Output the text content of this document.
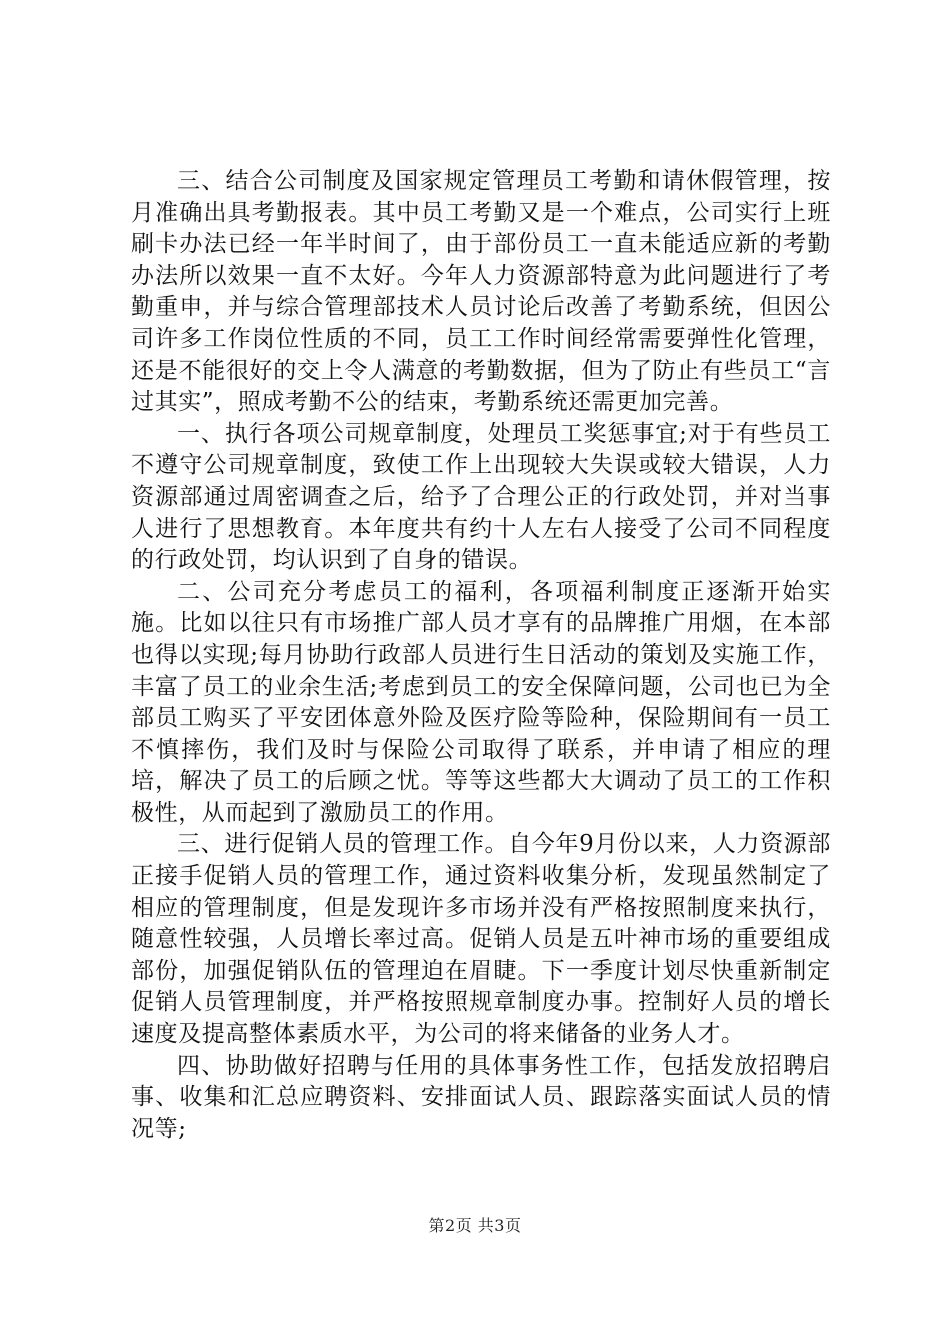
三、结合公司制度及国家规定管理员工考勤和请休假管理，按月准确出具考勤报表。其中员工考勤又是一个难点，公司实行上班刷卡办法已经一年半时间了，由于部份员工一直未能适应新的考勤办法所以效果一直不太好。今年人力资源部特意为此问题进行了考勤重申，并与综合管理部技术人员讨论后改善了考勤系统，但因公司许多工作岗位性质的不同，员工工作时间经常需要弹性化管理，还是不能很好的交上令人满意的考勤数据，但为了防止有些员工“言过其实”，照成考勤不公的结束，考勤系统还需更加完善。

一、执行各项公司规章制度，处理员工奖惩事宜;对于有些员工不遵守公司规章制度，致使工作上出现较大失误或较大错误，人力资源部通过周密调查之后，给予了合理公正的行政处罚，并对当事人进行了思想教育。本年度共有约十人左右人接受了公司不同程度的行政处罚，均认识到了自身的错误。

二、公司充分考虑员工的福利，各项福利制度正逐渐开始实施。比如以往只有市场推广部人员才享有的品牌推广用烟，在本部也得以实现;每月协助行政部人员进行生日活动的策划及实施工作，丰富了员工的业余生活;考虑到员工的安全保障问题，公司也已为全部员工购买了平安团体意外险及医疗险等险种，保险期间有一员工不慎摔伤，我们及时与保险公司取得了联系，并申请了相应的理培，解决了员工的后顾之忧。等等这些都大大调动了员工的工作积极性，从而起到了激励员工的作用。

三、进行促销人员的管理工作。自今年9月份以来，人力资源部正接手促销人员的管理工作，通过资料收集分析，发现虽然制定了相应的管理制度，但是发现许多市场并没有严格按照制度来执行，随意性较强，人员增长率过高。促销人员是五叶神市场的重要组成部份，加强促销队伍的管理迫在眉睫。下一季度计划尽快重新制定促销人员管理制度，并严格按照规章制度办事。控制好人员的增长速度及提高整体素质水平，为公司的将来储备的业务人才。

四、协助做好招聘与任用的具体事务性工作，包括发放招聘启事、收集和汇总应聘资料、安排面试人员、跟踪落实面试人员的情况等;

第2页 共3页
